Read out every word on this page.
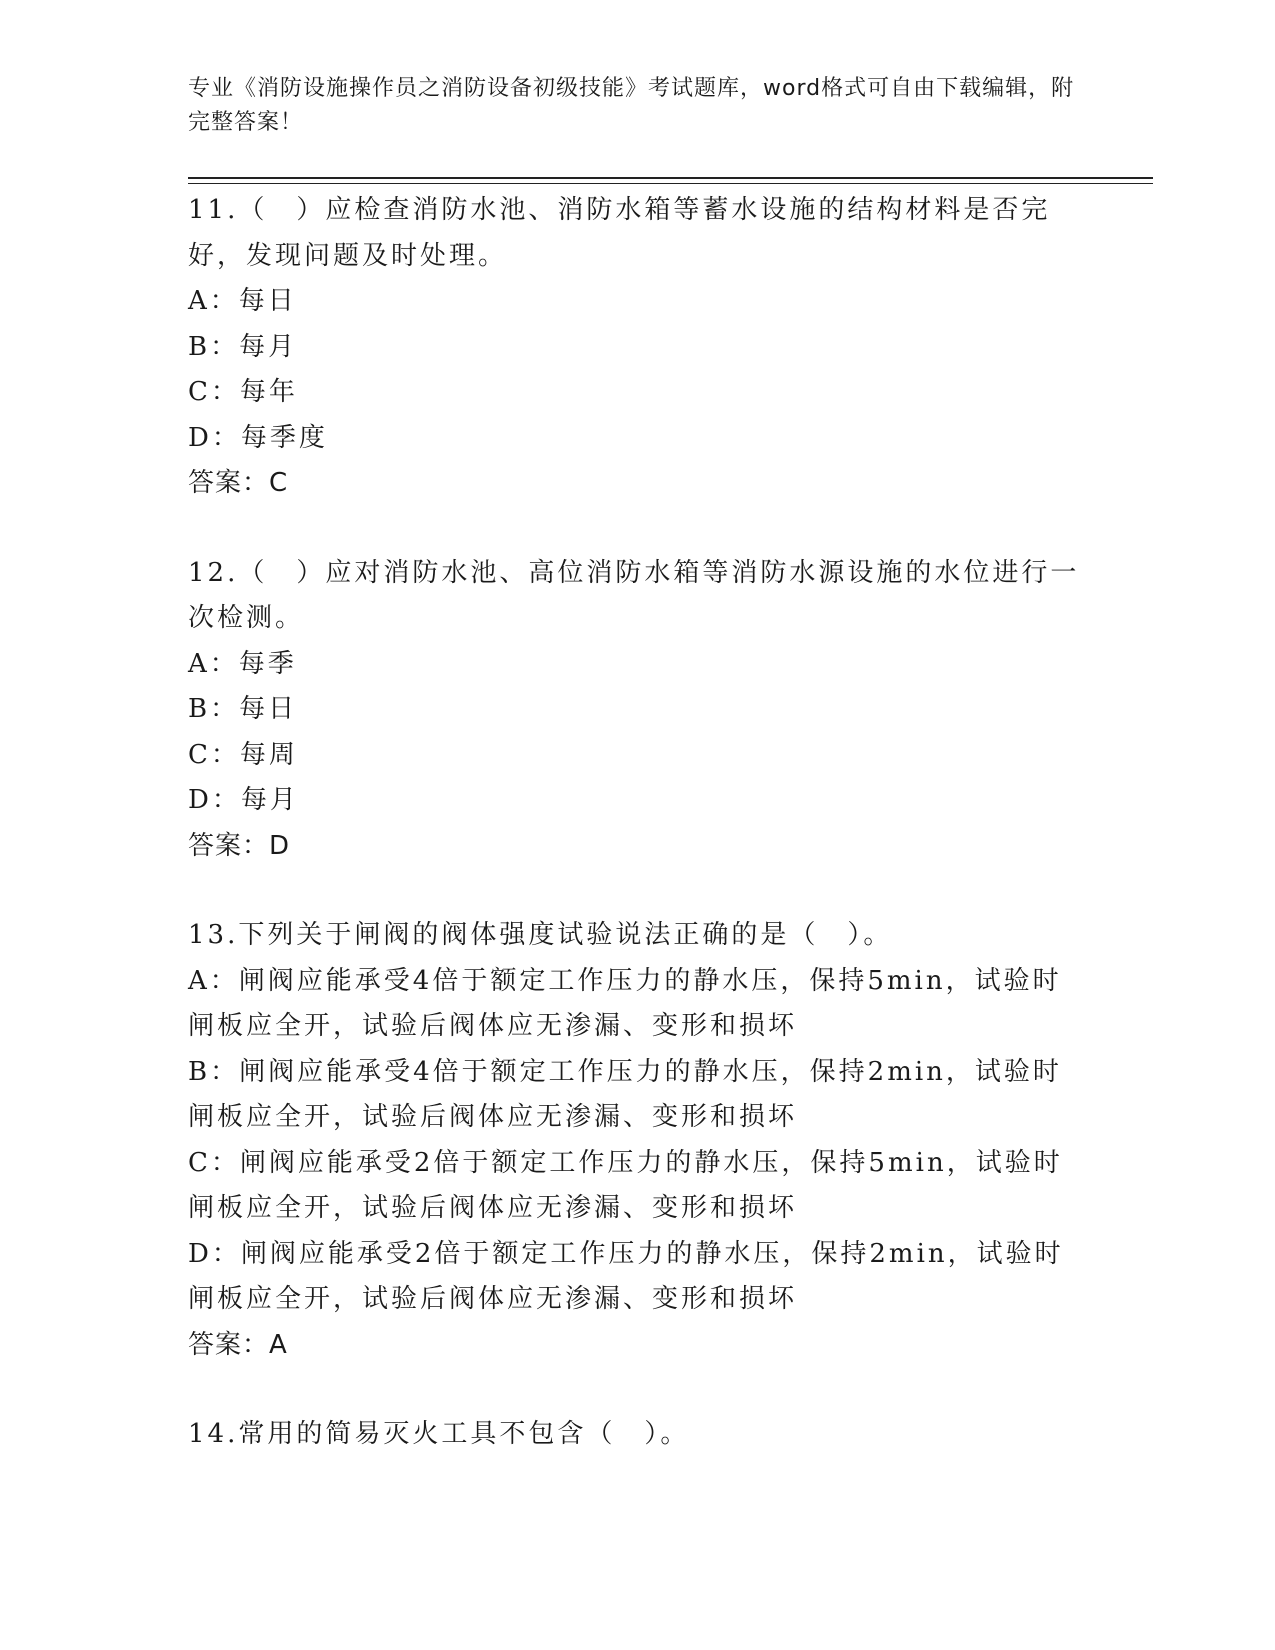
专业《消防设施操作员之消防设备初级技能》考试题库，word格式可自由下载编辑，附完整答案！

11.（　）应检查消防水池、消防水箱等蓄水设施的结构材料是否完好，发现问题及时处理。

A：每日

B：每月

C：每年

D：每季度

答案：C

12.（　）应对消防水池、高位消防水箱等消防水源设施的水位进行一次检测。

A：每季

B：每日

C：每周

D：每月

答案：D

13.下列关于闸阀的阀体强度试验说法正确的是（　）。

A：闸阀应能承受4倍于额定工作压力的静水压，保持5min，试验时闸板应全开，试验后阀体应无渗漏、变形和损坏

B：闸阀应能承受4倍于额定工作压力的静水压，保持2min，试验时闸板应全开，试验后阀体应无渗漏、变形和损坏

C：闸阀应能承受2倍于额定工作压力的静水压，保持5min，试验时闸板应全开，试验后阀体应无渗漏、变形和损坏

D：闸阀应能承受2倍于额定工作压力的静水压，保持2min，试验时闸板应全开，试验后阀体应无渗漏、变形和损坏

答案：A

14.常用的简易灭火工具不包含（　）。
